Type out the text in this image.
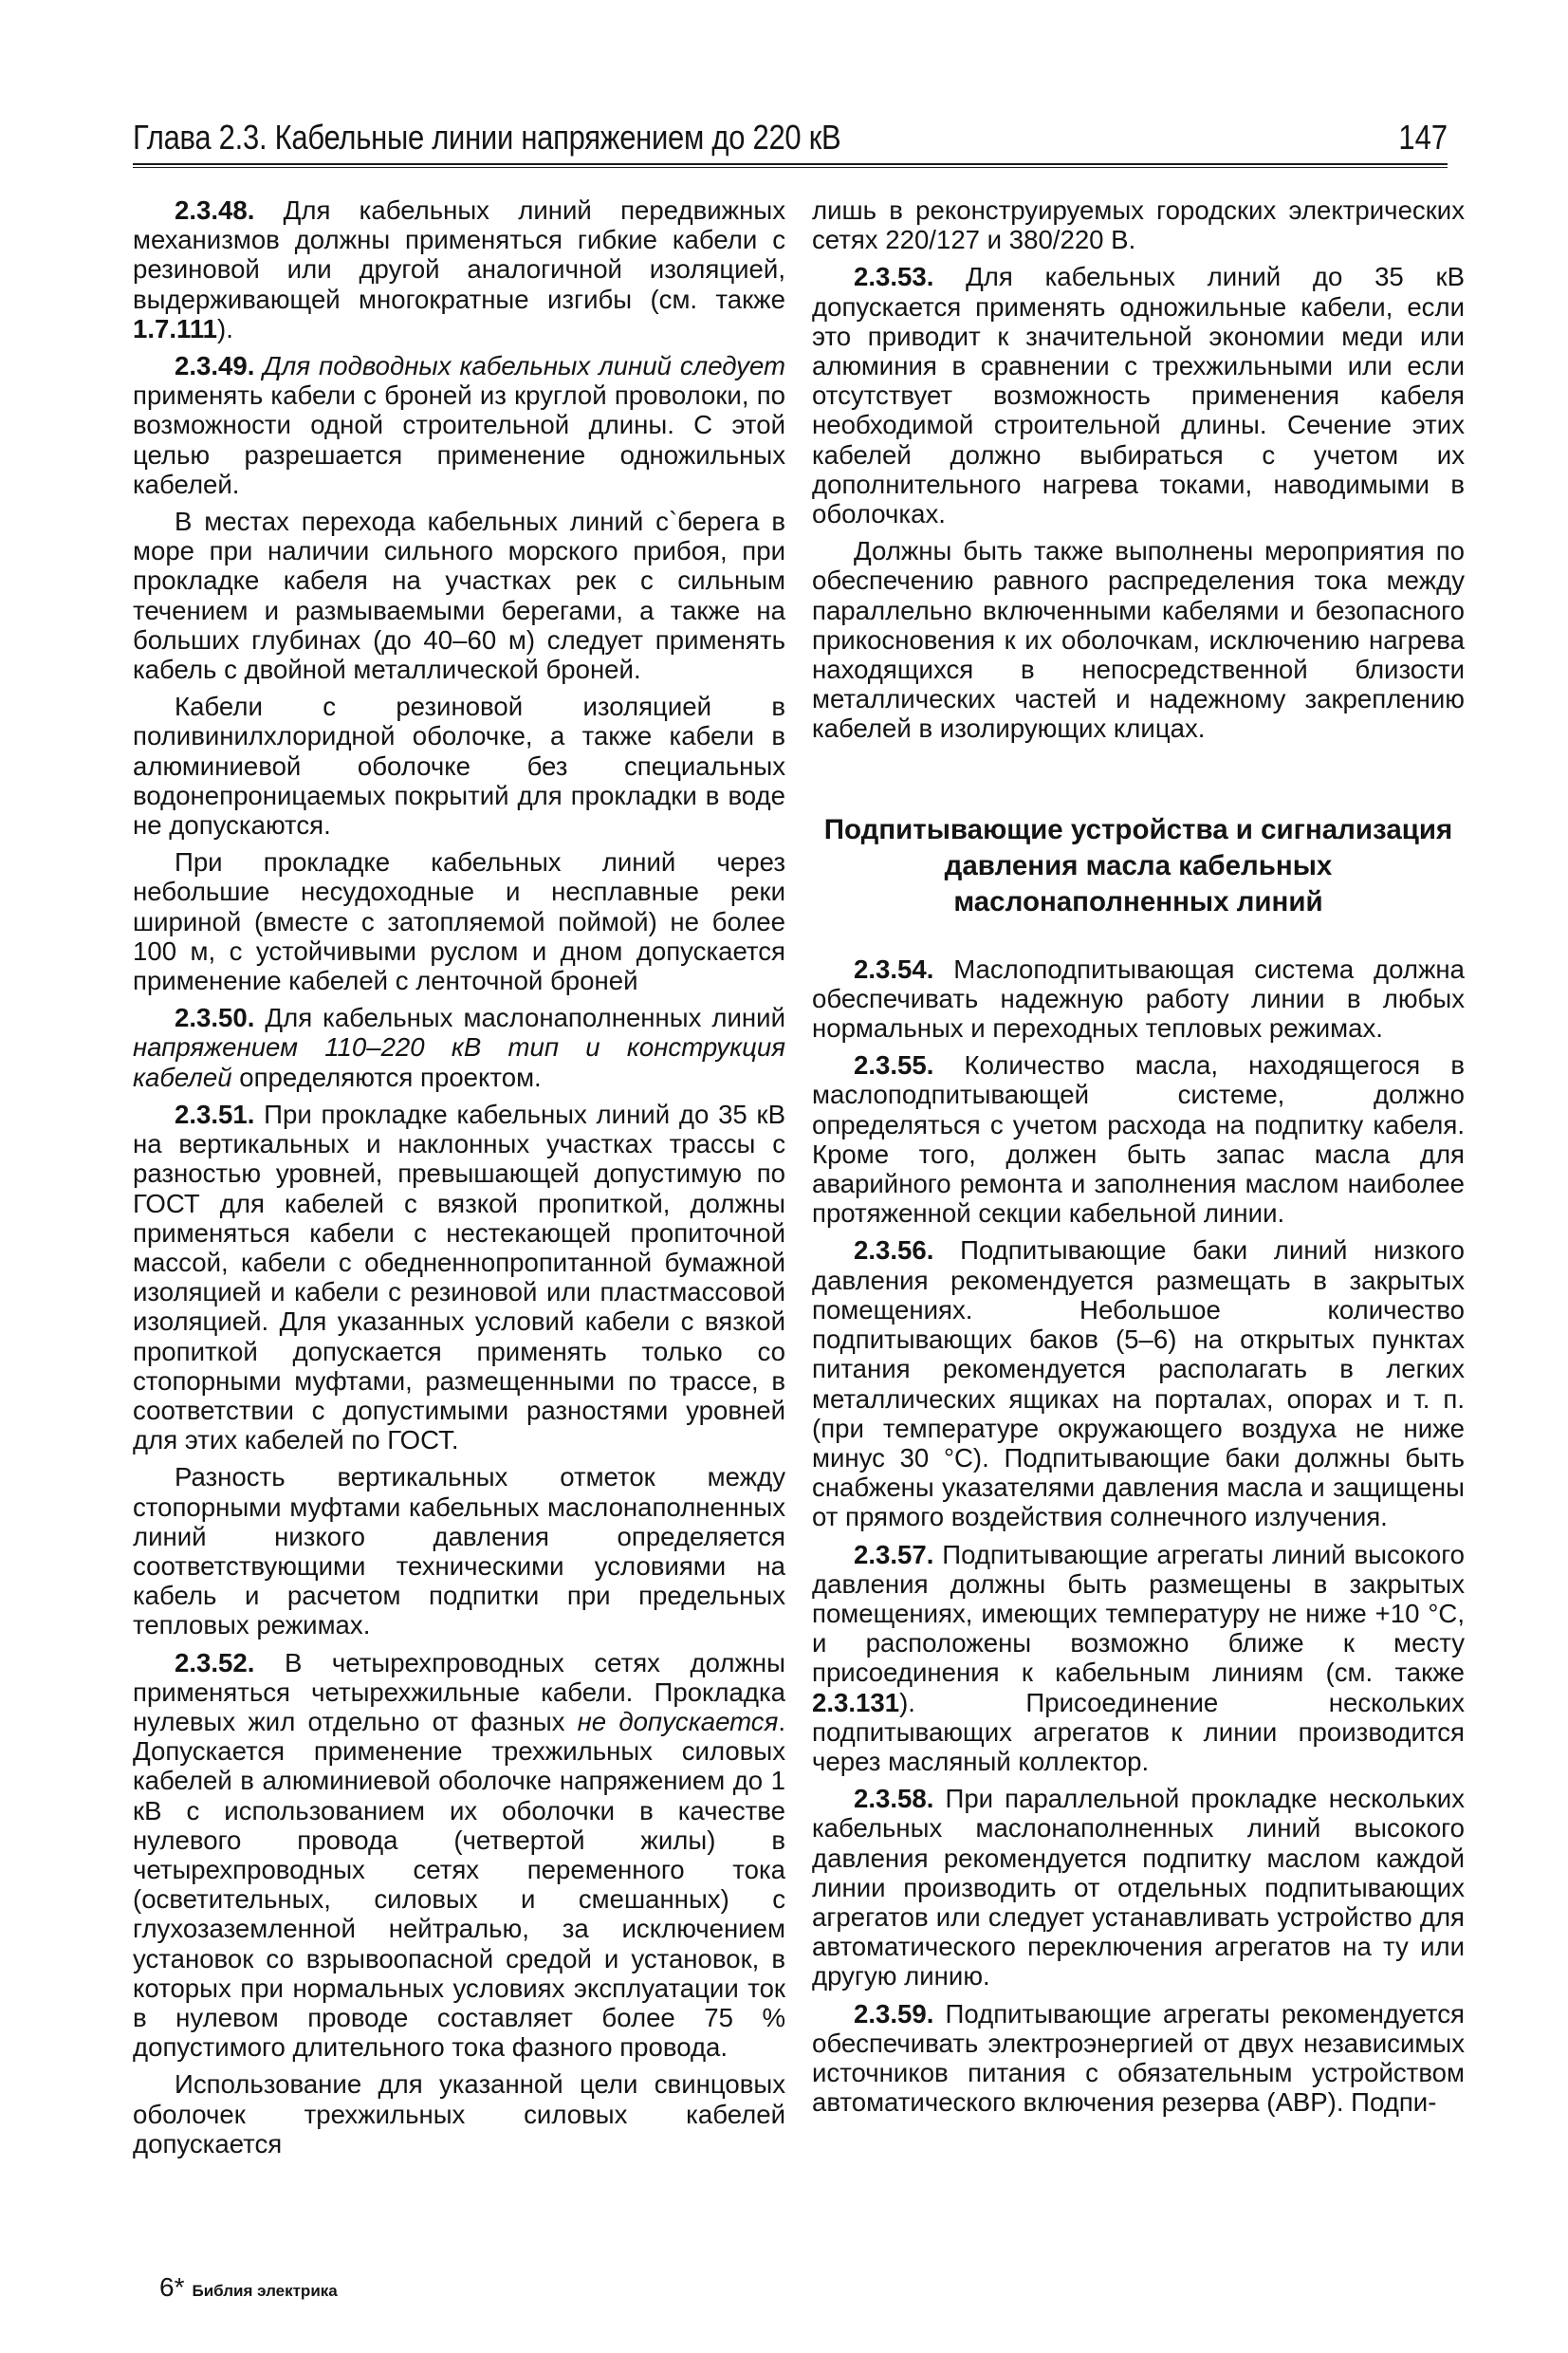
Глава 2.3. Кабельные линии напряжением до 220 кВ	147

2.3.48. Для кабельных линий передвижных механизмов должны применяться гибкие кабели с резиновой или другой аналогичной изоляцией, выдерживающей многократные изгибы (см. также 1.7.111).

2.3.49. Для подводных кабельных линий следует применять кабели с броней из круглой проволоки, по возможности одной строительной длины. С этой целью разрешается применение одножильных кабелей.

В местах перехода кабельных линий с`берега в море при наличии сильного морского прибоя, при прокладке кабеля на участках рек с сильным течением и размываемыми берегами, а также на больших глубинах (до 40–60 м) следует применять кабель с двойной металлической броней.

Кабели с резиновой изоляцией в поливинилхлоридной оболочке, а также кабели в алюминиевой оболочке без специальных водонепроницаемых покрытий для прокладки в воде не допускаются.

При прокладке кабельных линий через небольшие несудоходные и несплавные реки шириной (вместе с затопляемой поймой) не более 100 м, с устойчивыми руслом и дном допускается применение кабелей с ленточной броней

2.3.50. Для кабельных маслонаполненных линий напряжением 110–220 кВ тип и конструкция кабелей определяются проектом.

2.3.51. При прокладке кабельных линий до 35 кВ на вертикальных и наклонных участках трассы с разностью уровней, превышающей допустимую по ГОСТ для кабелей с вязкой пропиткой, должны применяться кабели с нестекающей пропиточной массой, кабели с обедненнопропитанной бумажной изоляцией и кабели с резиновой или пластмассовой изоляцией. Для указанных условий кабели с вязкой пропиткой допускается применять только со стопорными муфтами, размещенными по трассе, в соответствии с допустимыми разностями уровней для этих кабелей по ГОСТ.

Разность вертикальных отметок между стопорными муфтами кабельных маслонаполненных линий низкого давления определяется соответствующими техническими условиями на кабель и расчетом подпитки при предельных тепловых режимах.

2.3.52. В четырехпроводных сетях должны применяться четырехжильные кабели. Прокладка нулевых жил отдельно от фазных не допускается. Допускается применение трехжильных силовых кабелей в алюминиевой оболочке напряжением до 1 кВ с использованием их оболочки в качестве нулевого провода (четвертой жилы) в четырехпроводных сетях переменного тока (осветительных, силовых и смешанных) с глухозаземленной нейтралью, за исключением установок со взрывоопасной средой и установок, в которых при нормальных условиях эксплуатации ток в нулевом проводе составляет более 75 % допустимого длительного тока фазного провода.

Использование для указанной цели свинцовых оболочек трехжильных силовых кабелей допускается

лишь в реконструируемых городских электрических сетях 220/127 и 380/220 В.

2.3.53. Для кабельных линий до 35 кВ допускается применять одножильные кабели, если это приводит к значительной экономии меди или алюминия в сравнении с трехжильными или если отсутствует возможность применения кабеля необходимой строительной длины. Сечение этих кабелей должно выбираться с учетом их дополнительного нагрева токами, наводимыми в оболочках.

Должны быть также выполнены мероприятия по обеспечению равного распределения тока между параллельно включенными кабелями и безопасного прикосновения к их оболочкам, исключению нагрева находящихся в непосредственной близости металлических частей и надежному закреплению кабелей в изолирующих клицах.

Подпитывающие устройства и сигнализация давления масла кабельных маслонаполненных линий

2.3.54. Маслоподпитывающая система должна обеспечивать надежную работу линии в любых нормальных и переходных тепловых режимах.

2.3.55. Количество масла, находящегося в маслоподпитывающей системе, должно определяться с учетом расхода на подпитку кабеля. Кроме того, должен быть запас масла для аварийного ремонта и заполнения маслом наиболее протяженной секции кабельной линии.

2.3.56. Подпитывающие баки линий низкого давления рекомендуется размещать в закрытых помещениях. Небольшое количество подпитывающих баков (5–6) на открытых пунктах питания рекомендуется располагать в легких металлических ящиках на порталах, опорах и т. п. (при температуре окружающего воздуха не ниже минус 30 °С). Подпитывающие баки должны быть снабжены указателями давления масла и защищены от прямого воздействия солнечного излучения.

2.3.57. Подпитывающие агрегаты линий высокого давления должны быть размещены в закрытых помещениях, имеющих температуру не ниже +10 °С, и расположены возможно ближе к месту присоединения к кабельным линиям (см. также 2.3.131). Присоединение нескольких подпитывающих агрегатов к линии производится через масляный коллектор.

2.3.58. При параллельной прокладке нескольких кабельных маслонаполненных линий высокого давления рекомендуется подпитку маслом каждой линии производить от отдельных подпитывающих агрегатов или следует устанавливать устройство для автоматического переключения агрегатов на ту или другую линию.

2.3.59. Подпитывающие агрегаты рекомендуется обеспечивать электроэнергией от двух независимых источников питания с обязательным устройством автоматического включения резерва (АВР). Подпи-

6* Библия электрика
